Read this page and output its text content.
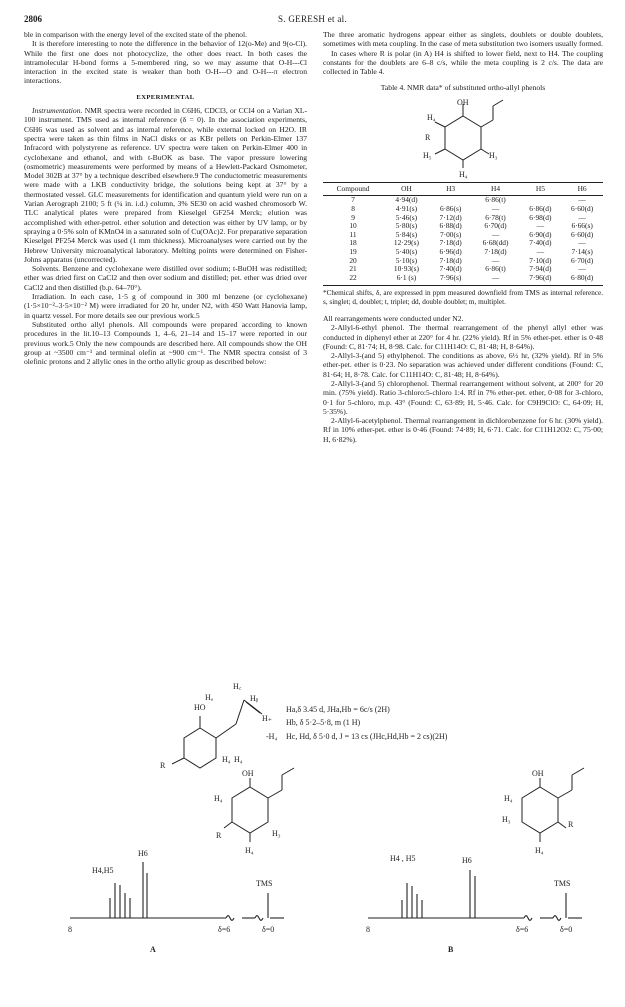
2806	S. GERESH et al.

ble in comparison with the energy level of the excited state of the phenol.

It is therefore interesting to note the difference in the behavior of 12(o-Me) and 9(o-Cl). While the first one does not photocyclize, the other does react. In both cases the intramolecular H-bond forms a 5-membered ring, so we may assume that O-H---Cl interaction in the excited state is weaker than both O-H---O and O-H---π electron interactions.

EXPERIMENTAL

Instrumentation. NMR spectra were recorded in C6H6, CDCl3, or CCl4 on a Varian XL-100 instrument. TMS used as internal reference (δ = 0). In the association experiments, C6H6 was used as solvent and as internal reference, while external locked on H2O. IR spectra were taken as thin films in NaCl disks or as KBr pellets on Perkin-Elmer 137 Infracord with polystyrene as reference. UV spectra were taken on Perkin-Elmer 400 in cyclohexane and ethanol, and with t-BuOK as base. The vapor pressure lowering (osmometric) measurements were performed by means of a Hewlett-Packard Osmometer, Model 302B at 37° by a technique described elsewhere.9 The conductometric measurements were made with a LKB conductivity bridge, the solutions being kept at 37° by a thermostated vessel. GLC measurements for identification and quantum yield were run on a Varian Aerograph 2100; 5 ft (¼ in. i.d.) column, 3% SE30 on acid washed chromosorb W. TLC analytical plates were prepared from Kieselgel GF254 Merck; elution was accomplished with ether-petrol. ether solution and detection was either by UV lamp, or by spraying a 0·5% soln of KMnO4 in a saturated soln of Cu(OAc)2. For preparative separation Kieselgel PF254 Merck was used (1 mm thickness). Microanalyses were carried out by the Hebrew University microanalytical laboratory. Melting points were determined on Fisher-Johns apparatus (uncorrected).

Solvents. Benzene and cyclohexane were distilled over sodium; t-BuOH was redistilled; ether was dried first on CaCl2 and then over sodium and distilled; pet. ether was dried over CaCl2 and then distilled (b.p. 64–70°).

Irradiation. In each case, 1·5 g of compound in 300 ml benzene (or cyclohexane) (1·5×10⁻²–3·5×10⁻² M) were irradiated for 20 hr, under N2, with 450 Watt Hanovia lamp, in quartz vessel. For more details see our previous work.5

Substituted ortho allyl phenols. All compounds were prepared according to known procedures in the lit.10–13 Compounds 1, 4–6, 21–14 and 15–17 were reported in our previous work.5 Only the new compounds are described here. All compounds show the OH group at ~3500 cm⁻¹ and terminal olefin at ~900 cm⁻¹. The NMR spectra consist of 3 olefinic protons and 2 allylic ones in the ortho allylic group as described below:

The three aromatic hydrogens appear either as singlets, doublets or double doublets, sometimes with meta coupling. In the case of meta substitution two isomers usually formed.

In cases where R is polar (in A) H4 is shifted to lower field, next to H4. The coupling constants for the doublets are 6–8 c/s, while the meta coupling is 2 c/s. The data are collected in Table 4.

Table 4. NMR data* of substituted ortho-allyl phenols
OH
H₄
R
H₅
H₄
H₃
Compound	OH	H3	H4	H5	H6
7	4·94(d)		6·86(t)		—
8	4·91(s)	6·86(s)	—	6·86(d)	6·60(d)
9	5·46(s)	7·12(d)	6·78(t)	6·98(d)	—
10	5·80(s)	6·88(d)	6·70(d)	—	6·66(s)
11	5·84(s)	7·00(s)	—	6·90(d)	6·60(d)
18	12·29(s)	7·18(d)	6·68(dd)	7·40(d)	—
19	5·40(s)	6·96(d)	7·18(d)	—	7·14(s)
20	5·10(s)	7·18(d)	—	7·10(d)	6·70(d)
21	10·93(s)	7·40(d)	6·86(t)	7·94(d)	—
22	6·1 (s)	7·96(s)	—	7·96(d)	6·80(d)
*Chemical shifts, δ, are expressed in ppm measured downfield from TMS as internal reference. s, singlet; d, doublet; t, triplet; dd, double doublet; m, multiplet.

All rearrangements were conducted under N2.

2-Allyl-6-ethyl phenol. The thermal rearrangement of the phenyl allyl ether was conducted in diphenyl ether at 220° for 4 hr. (22% yield). Rf in 5% ether-pet. ether is 0·48 (Found: C, 81·74; H, 8·98. Calc. for C11H14O: C, 81·48; H, 8·64%).

2-Allyl-3-(and 5) ethylphenol. The conditions as above, 6½ hr, (32% yield). Rf in 5% ether-pet. ether is 0·23. No separation was achieved under different conditions (Found: C, 81·64; H, 8·78. Calc. for C11H14O: C, 81·48; H, 8·64%).

2-Allyl-3-(and 5) chlorophenol. Thermal rearrangement without solvent, at 200° for 20 min. (75% yield). Ratio 3-chloro:5-chloro 1:4. Rf in 7% ether-pet. ether, 0·08 for 3-chloro, 0·1 for 5-chloro, m.p. 43° (Found: C, 63·89; H, 5·46. Calc. for C9H9ClO: C, 64·09; H, 5·35%).

2-Allyl-6-acetylphenol. Thermal rearrangement in dichlorobenzene for 6 hr. (30% yield). Rf in 10% ether-pet. ether is 0·46 (Found: 74·89; H, 6·71. Calc. for C11H12O2: C, 75·00; H, 6·82%).

H꜀
Hₐ	Hᵦ
HO
H₊
R
H₄
-H₄
H₄
Ha,δ 3.45 d, JHa,Hb = 6c/s (2H)
Hb, δ 5·2–5·8, m (1 H)
Hc, Hd, δ 5·0 d, J = 13 cs (JHc,Hd,Hb = 2 cs)(2H)
OH
H₄
R	H₃
H₄
OH
H₄
H₃
R
H₄
8
H4,H5
H6
TMS
δ=6	δ=0
A
8
H4 , H5	H6
TMS
δ=6	δ=0
B
